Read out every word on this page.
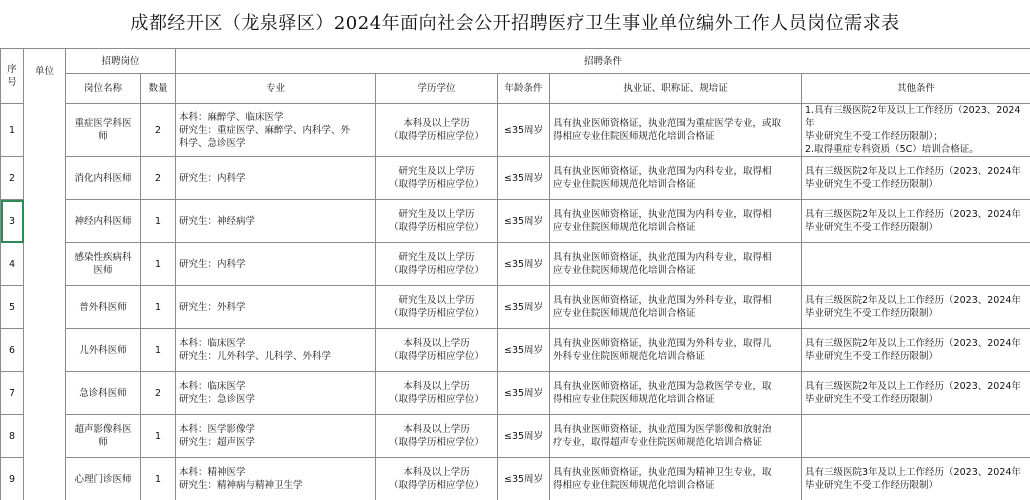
成都经开区（龙泉驿区）2024年面向社会公开招聘医疗卫生事业单位编外工作人员岗位需求表
序
号	单位	招聘岗位		招聘条件				
		岗位名称	数量	专业	学历学位	年龄条件	执业证、职称证、规培证	其他条件
1		重症医学科医
师	2	本科：麻醉学、临床医学
研究生：重症医学、麻醉学、内科学、外
科学、急诊医学	本科及以上学历
（取得学历相应学位）	≤35周岁	具有执业医师资格证，执业范围为重症医学专业，或取
得相应专业住院医师规范化培训合格证	1.具有三级医院2年及以上工作经历（2023、2024年
毕业研究生不受工作经历限制）；
2.取得重症专科资质（5C）培训合格证。
2		消化内科医师	2	研究生：内科学	研究生及以上学历
（取得学历相应学位）	≤35周岁	具有执业医师资格证，执业范围为内科专业，取得相
应专业住院医师规范化培训合格证	具有三级医院2年及以上工作经历（2023、2024年
毕业研究生不受工作经历限制）
3		神经内科医师	1	研究生：神经病学	研究生及以上学历
（取得学历相应学位）	≤35周岁	具有执业医师资格证，执业范围为内科专业，取得相
应专业住院医师规范化培训合格证	具有三级医院2年及以上工作经历（2023、2024年
毕业研究生不受工作经历限制）
4		感染性疾病科
医师	1	研究生：内科学	研究生及以上学历
（取得学历相应学位）	≤35周岁	具有执业医师资格证，执业范围为内科专业，取得相
应专业住院医师规范化培训合格证	
5		普外科医师	1	研究生：外科学	研究生及以上学历
（取得学历相应学位）	≤35周岁	具有执业医师资格证，执业范围为外科专业，取得相
应专业住院医师规范化培训合格证	具有三级医院2年及以上工作经历（2023、2024年
毕业研究生不受工作经历限制）
6		儿外科医师	1	本科：临床医学
研究生：儿外科学、儿科学、外科学	本科及以上学历
（取得学历相应学位）	≤35周岁	具有执业医师资格证，执业范围为外科专业，取得儿
外科专业住院医师规范化培训合格证	具有三级医院2年及以上工作经历（2023、2024年
毕业研究生不受工作经历限制）
7		急诊科医师	2	本科：临床医学
研究生：急诊医学	本科及以上学历
（取得学历相应学位）	≤35周岁	具有执业医师资格证，执业范围为急救医学专业，取
得相应专业住院医师规范化培训合格证	具有三级医院2年及以上工作经历（2023、2024年
毕业研究生不受工作经历限制）
8		超声影像科医
师	1	本科：医学影像学
研究生：超声医学	本科及以上学历
（取得学历相应学位）	≤35周岁	具有执业医师资格证，执业范围为医学影像和放射治
疗专业，取得超声专业住院医师规范化培训合格证	
9		心理门诊医师	1	本科：精神医学
研究生：精神病与精神卫生学	本科及以上学历
（取得学历相应学位）	≤35周岁	具有执业医师资格证，执业范围为精神卫生专业，取
得相应专业住院医师规范化培训合格证	具有三级医院3年及以上工作经历（2023、2024年
毕业研究生不受工作经历限制）
